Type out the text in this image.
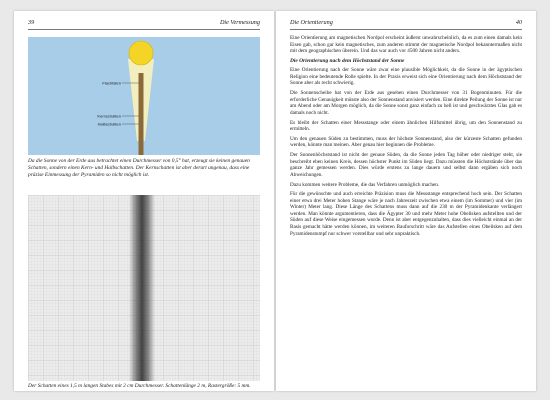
39	Die Vermessung
Flachtafen
Kernschatten
Halbschatten
Da die Sonne von der Erde aus betrachtet einen Durchmesser von 0,5° hat, erzeugt sie keinen genauen Schatten, sondern einen Kern- und Halbschatten. Der Kernschatten ist aber derart ungenau, dass eine präzise Einmessung der Pyramiden so nicht möglich ist.
Der Schatten eines 1,5 m langen Stabes mit 2 cm Durchmesser. Schattenlänge 2 m, Rastergröße: 5 mm.
Die Orientierung	40

Eine Orientierung am magnetischen Nordpol erscheint äußerst unwahrscheinlich, da es zum einen damals kein Eisen gab, schon gar kein magnetisches, zum anderen stimmt der magnetische Nordpol bekanntermaßen nicht mit dem geographischen überein. Und das war auch vor 4500 Jahren nicht anders.

Die Orientierung nach dem Höchststand der Sonne

Eine Orientierung nach der Sonne wäre zwar eine plausible Möglichkeit, da die Sonne in der ägyptischen Religion eine bedeutende Rolle spielte. In der Praxis erweist sich eine Orientierung nach dem Höchststand der Sonne aber als recht schwierig.

Die Sonnenscheibe hat von der Erde aus gesehen einen Durchmesser von 31 Bogenminuten. Für die erforderliche Genauigkeit müsste also der Sonnenstand anvisiert werden. Eine direkte Peilung der Sonne ist nur am Abend oder am Morgen möglich, da die Sonne sonst ganz einfach zu hell ist und geschwärztes Glas gab es damals noch nicht.

Es bleibt der Schatten einer Messstange oder einem ähnlichen Hilfsmittel übrig, um den Sonnenstand zu ermitteln.

Um den genauen Süden zu bestimmen, muss der höchste Sonnenstand, also der kürzeste Schatten gefunden werden, könnte man meinen. Aber genau hier beginnen die Probleme.

Der Sonnenhöchststand ist nicht der genaue Süden, da die Sonne jeden Tag höher oder niedriger steht, sie beschreibt eben keinen Kreis, dessen höchster Punkt im Süden liegt. Dazu müssten die Höchststände über das ganze Jahr gemessen werden. Dies würde erstens zu lange dauern und selbst dann ergäben sich noch Abweichungen.

Dazu kommen weitere Probleme, die das Verfahren unmöglich machen.

Für die gewünschte und auch erreichte Präzision muss die Messstange entsprechend hoch sein. Der Schatten einer etwa drei Meter hohen Stange wäre je nach Jahreszeit zwischen etwa einem (im Sommer) und vier (im Winter) Meter lang. Diese Länge des Schattens muss dann auf die 230 m der Pyramidenkante verlängert werden. Man könnte argumentieren, dass die Ägypter 30 und mehr Meter hohe Obelisken aufstellten und der Süden auf diese Weise eingemessen wurde. Denn ist aber entgegenzuhalten, dass dies vielleicht einmal an der Basis gemacht hätte werden können, im weiteren Bauforschritt wäre das Aufstellen eines Obelisken auf dem Pyramidenstumpf nur schwer vorstellbar und sehr unpraktisch.
